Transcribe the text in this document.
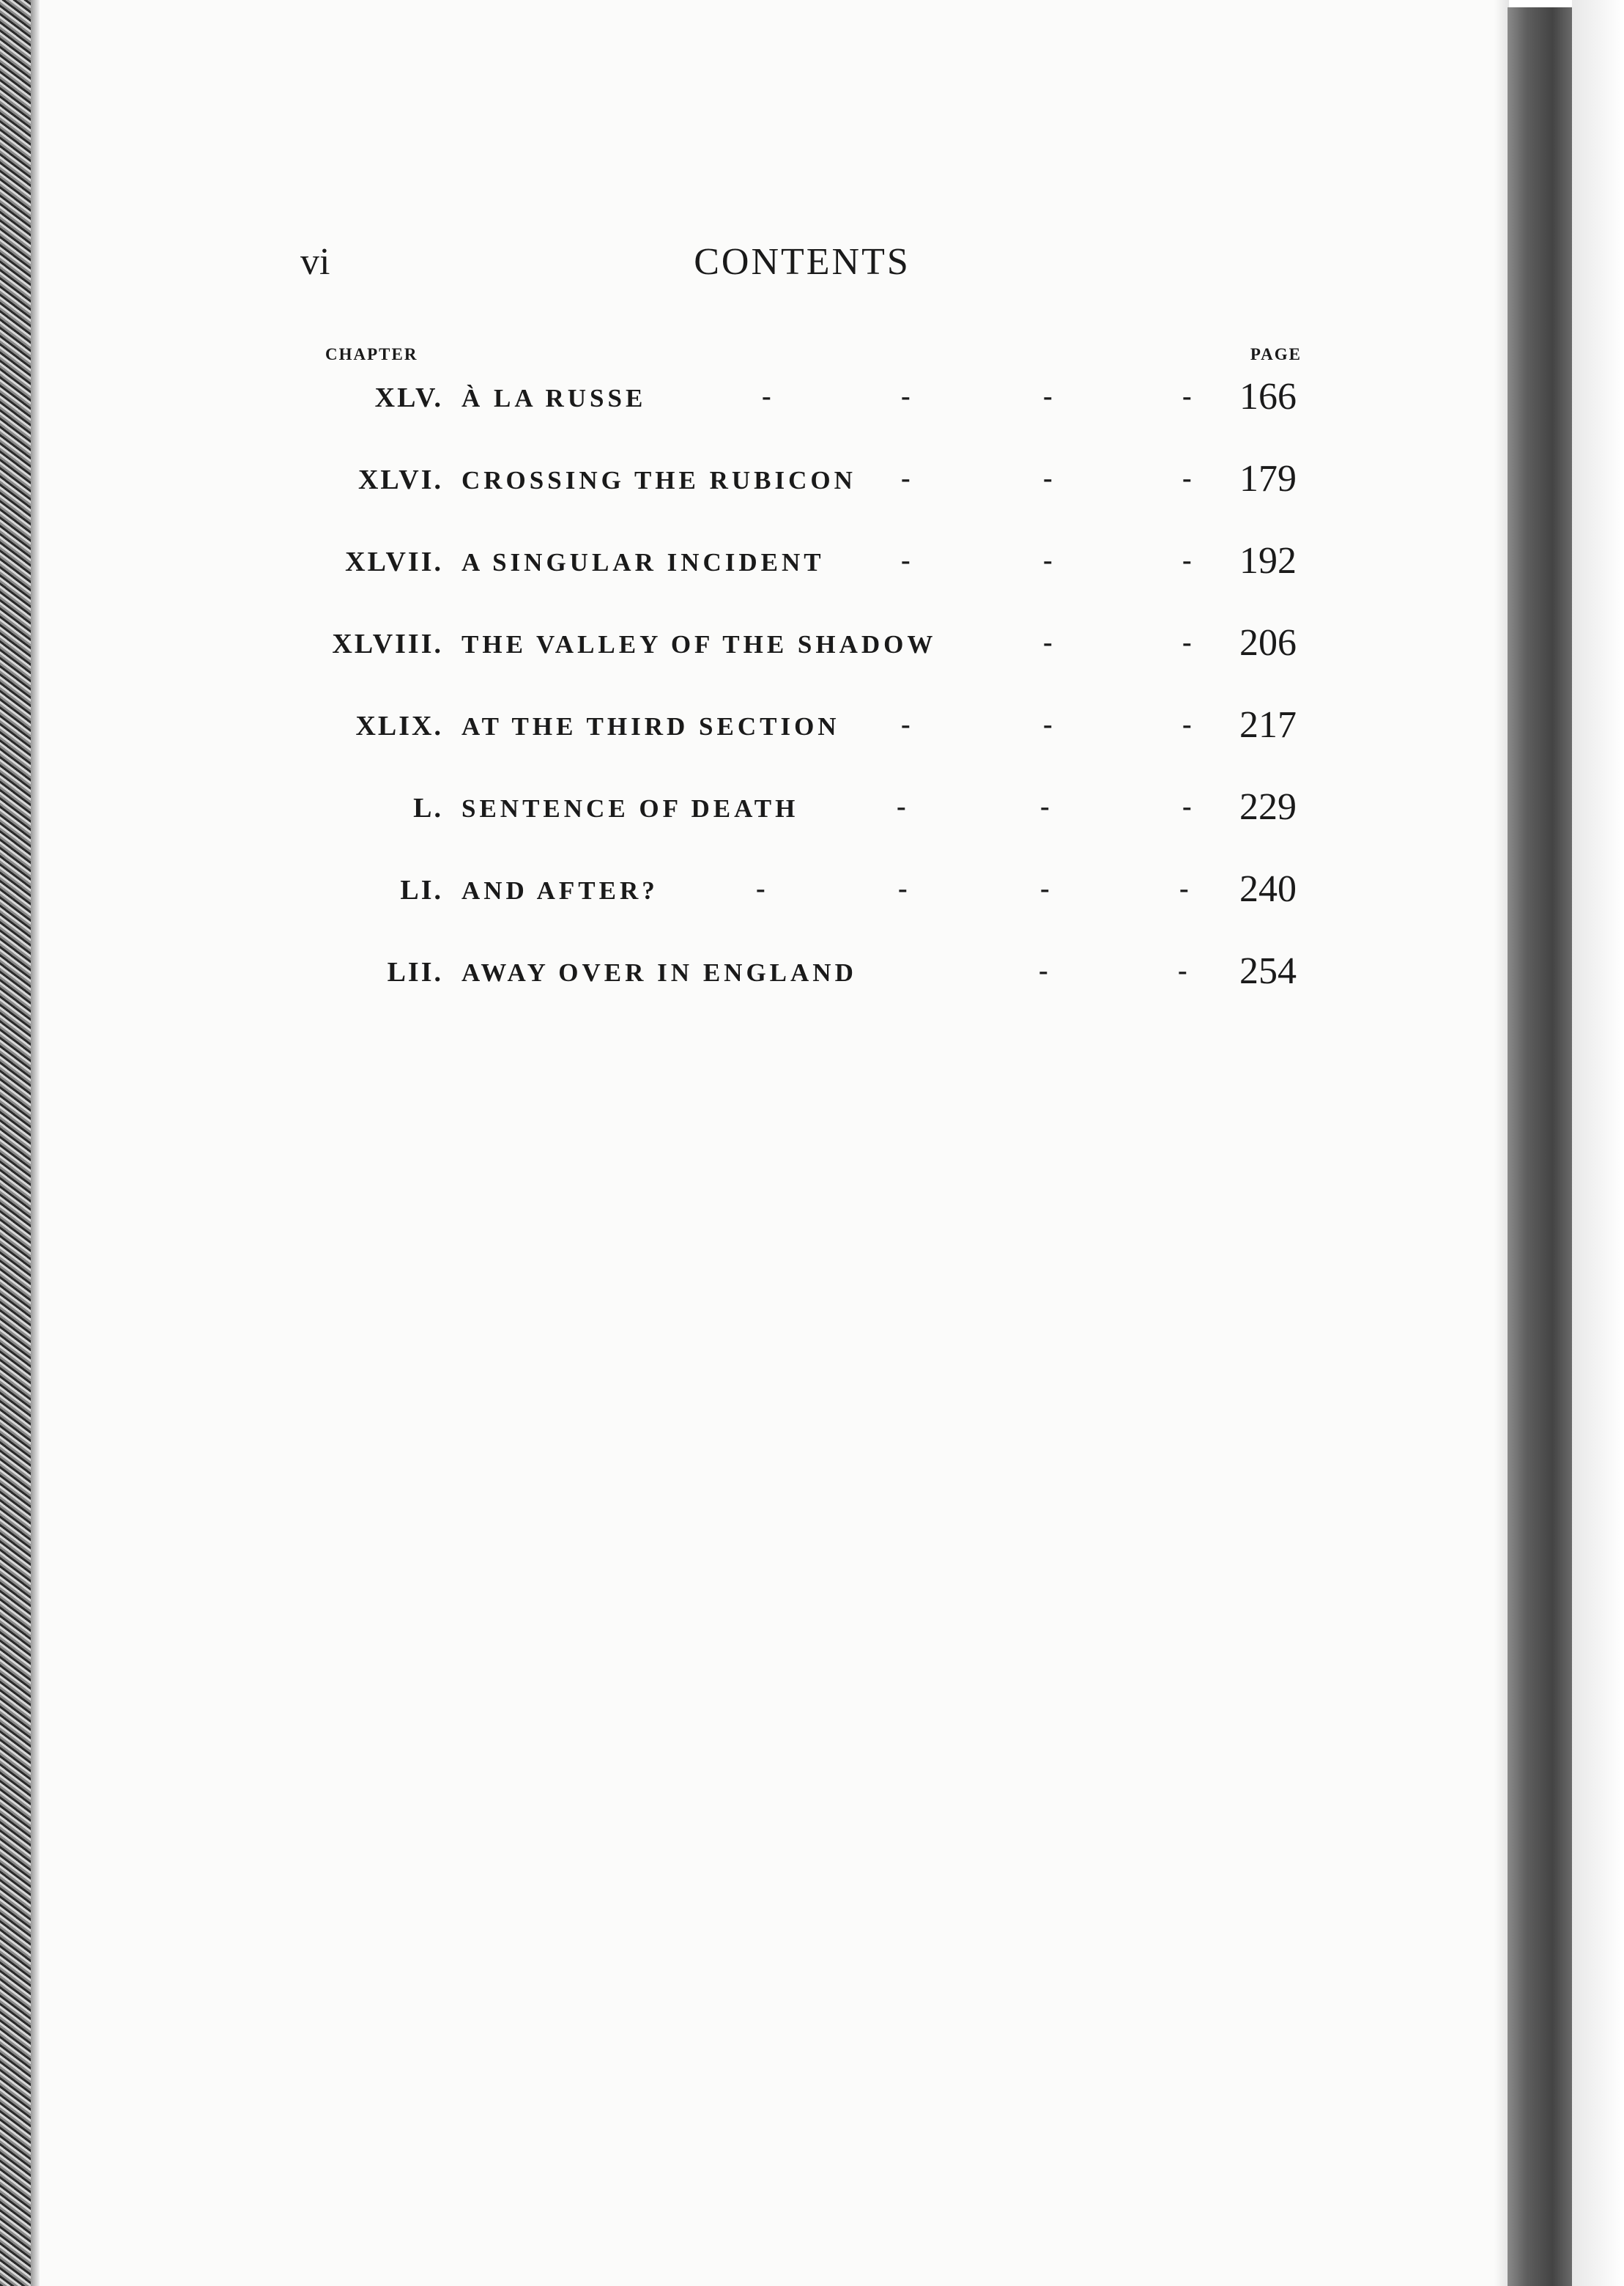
vi	CONTENTS
CHAPTER	PAGE
XLV. À LA RUSSE	-	-	-	- 166
XLVI. CROSSING THE RUBICON -	-	- 179
XLVII. A SINGULAR INCIDENT	-	-	- 192
XLVIII. THE VALLEY OF THE SHADOW	-	- 206
XLIX. AT THE THIRD SECTION -	-	- 217
L. SENTENCE OF DEATH	-	-	- 229
LI. AND AFTER?	-	-	-	- 240
LII. AWAY OVER IN ENGLAND	-	- 254
